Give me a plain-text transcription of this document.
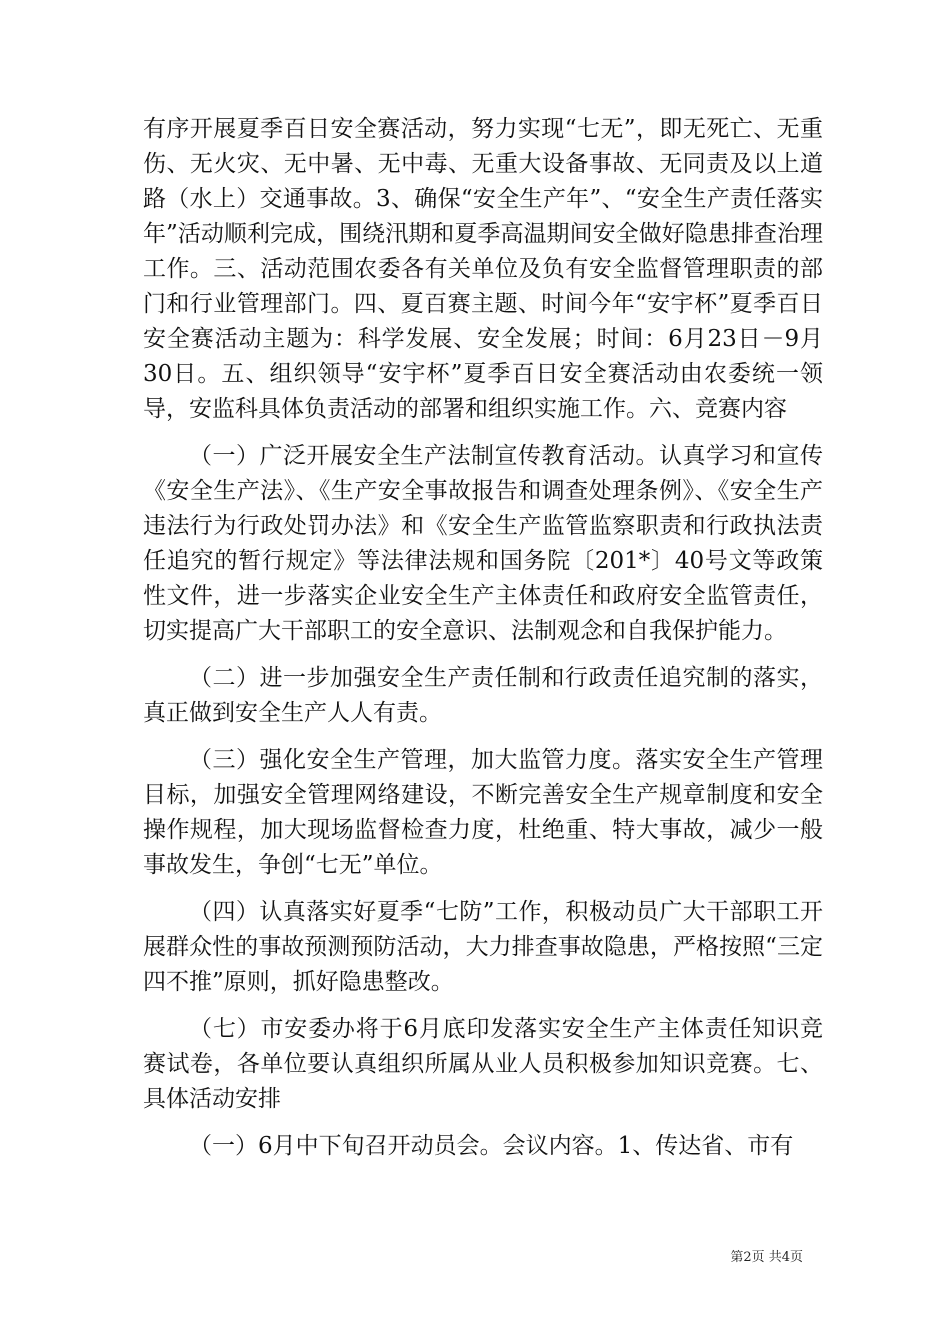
有序开展夏季百日安全赛活动，努力实现“七无”，即无死亡、无重伤、无火灾、无中暑、无中毒、无重大设备事故、无同责及以上道路（水上）交通事故。3、确保“安全生产年”、“安全生产责任落实年”活动顺利完成，围绕汛期和夏季高温期间安全做好隐患排查治理工作。三、活动范围农委各有关单位及负有安全监督管理职责的部门和行业管理部门。四、夏百赛主题、时间今年“安宇杯”夏季百日安全赛活动主题为：科学发展、安全发展；时间：6月23日－9月30日。五、组织领导“安宇杯”夏季百日安全赛活动由农委统一领导，安监科具体负责活动的部署和组织实施工作。六、竞赛内容

（一）广泛开展安全生产法制宣传教育活动。认真学习和宣传《安全生产法》、《生产安全事故报告和调查处理条例》、《安全生产违法行为行政处罚办法》和《安全生产监管监察职责和行政执法责任追究的暂行规定》等法律法规和国务院〔201*〕40号文等政策性文件，进一步落实企业安全生产主体责任和政府安全监管责任，切实提高广大干部职工的安全意识、法制观念和自我保护能力。

（二）进一步加强安全生产责任制和行政责任追究制的落实，真正做到安全生产人人有责。

（三）强化安全生产管理，加大监管力度。落实安全生产管理目标，加强安全管理网络建设，不断完善安全生产规章制度和安全操作规程，加大现场监督检查力度，杜绝重、特大事故，减少一般事故发生，争创“七无”单位。

（四）认真落实好夏季“七防”工作，积极动员广大干部职工开展群众性的事故预测预防活动，大力排查事故隐患，严格按照“三定四不推”原则，抓好隐患整改。

（七）市安委办将于6月底印发落实安全生产主体责任知识竞赛试卷，各单位要认真组织所属从业人员积极参加知识竞赛。七、具体活动安排

（一）6月中下旬召开动员会。会议内容。1、传达省、市有

第2页 共4页
